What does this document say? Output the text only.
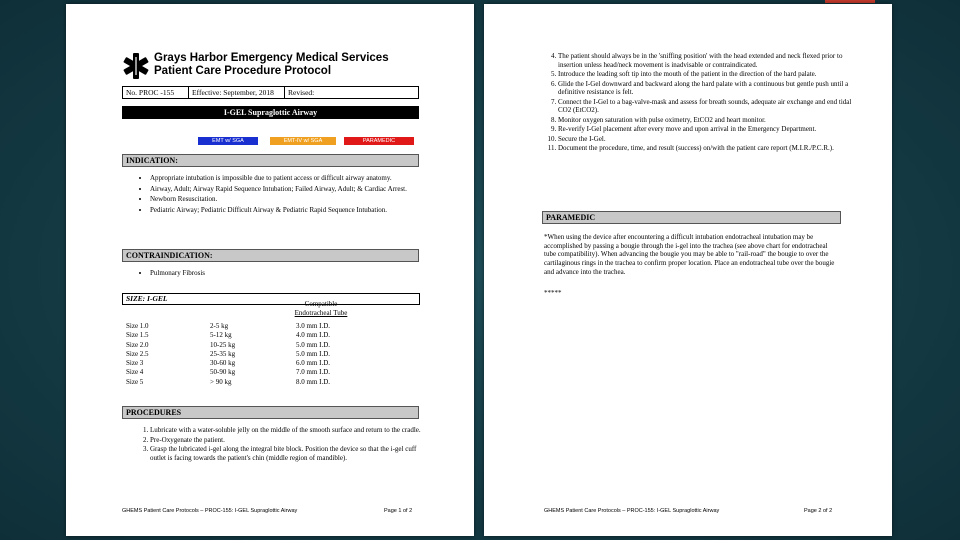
Grays Harbor Emergency Medical Services
Patient Care Procedure Protocol
No. PROC -155	Effective: September, 2018	Revised:
I-GEL Supraglottic Airway
EMT w/ SGA	EMT-IV w/ SGA	PARAMEDIC
INDICATION:
• Appropriate intubation is impossible due to patient access or difficult airway anatomy.
• Airway, Adult; Airway Rapid Sequence Intubation; Failed Airway, Adult; & Cardiac Arrest.
• Newborn Resuscitation.
• Pediatric Airway; Pediatric Difficult Airway & Pediatric Rapid Sequence Intubation.
CONTRAINDICATION:
• Pulmonary Fibrosis
SIZE: I-GEL
Compatible
Endotracheal Tube
Size 1.0	2-5 kg	3.0 mm I.D.
Size 1.5	5-12 kg	4.0 mm I.D.
Size 2.0	10-25 kg	5.0 mm I.D.
Size 2.5	25-35 kg	5.0 mm I.D.
Size 3	30-60 kg	6.0 mm I.D.
Size 4	50-90 kg	7.0 mm I.D.
Size 5	> 90 kg	8.0 mm I.D.
PROCEDURES
1. Lubricate with a water-soluble jelly on the middle of the smooth surface and return to the cradle.
2. Pre-Oxygenate the patient.
3. Grasp the lubricated i-gel along the integral bite block. Position the device so that the i-gel cuff outlet is facing towards the patient's chin (middle region of mandible).
GHEMS Patient Care Protocols – PROC-155: I-GEL Supraglottic Airway	Page 1 of 2
4. The patient should always be in the 'sniffing position' with the head extended and neck flexed prior to insertion unless head/neck movement is inadvisable or contraindicated.
5. Introduce the leading soft tip into the mouth of the patient in the direction of the hard palate.
6. Glide the I-Gel downward and backward along the hard palate with a continuous but gentle push until a definitive resistance is felt.
7. Connect the I-Gel to a bag-valve-mask and assess for breath sounds, adequate air exchange and end tidal CO2 (EtCO2).
8. Monitor oxygen saturation with pulse oximetry, EtCO2 and heart monitor.
9. Re-verify I-Gel placement after every move and upon arrival in the Emergency Department.
10. Secure the I-Gel.
11. Document the procedure, time, and result (success) on/with the patient care report (M.I.R./P.C.R.).
PARAMEDIC
*When using the device after encountering a difficult intubation endotracheal intubation may be accomplished by passing a bougie through the i-gel into the trachea (see above chart for endotracheal tube compatibility). When advancing the bougie you may be able to "rail-road" the bougie to over the cartilaginous rings in the trachea to confirm proper location. Place an endotracheal tube over the bougie and advance into the trachea.
*****
GHEMS Patient Care Protocols – PROC-155: I-GEL Supraglottic Airway	Page 2 of 2
